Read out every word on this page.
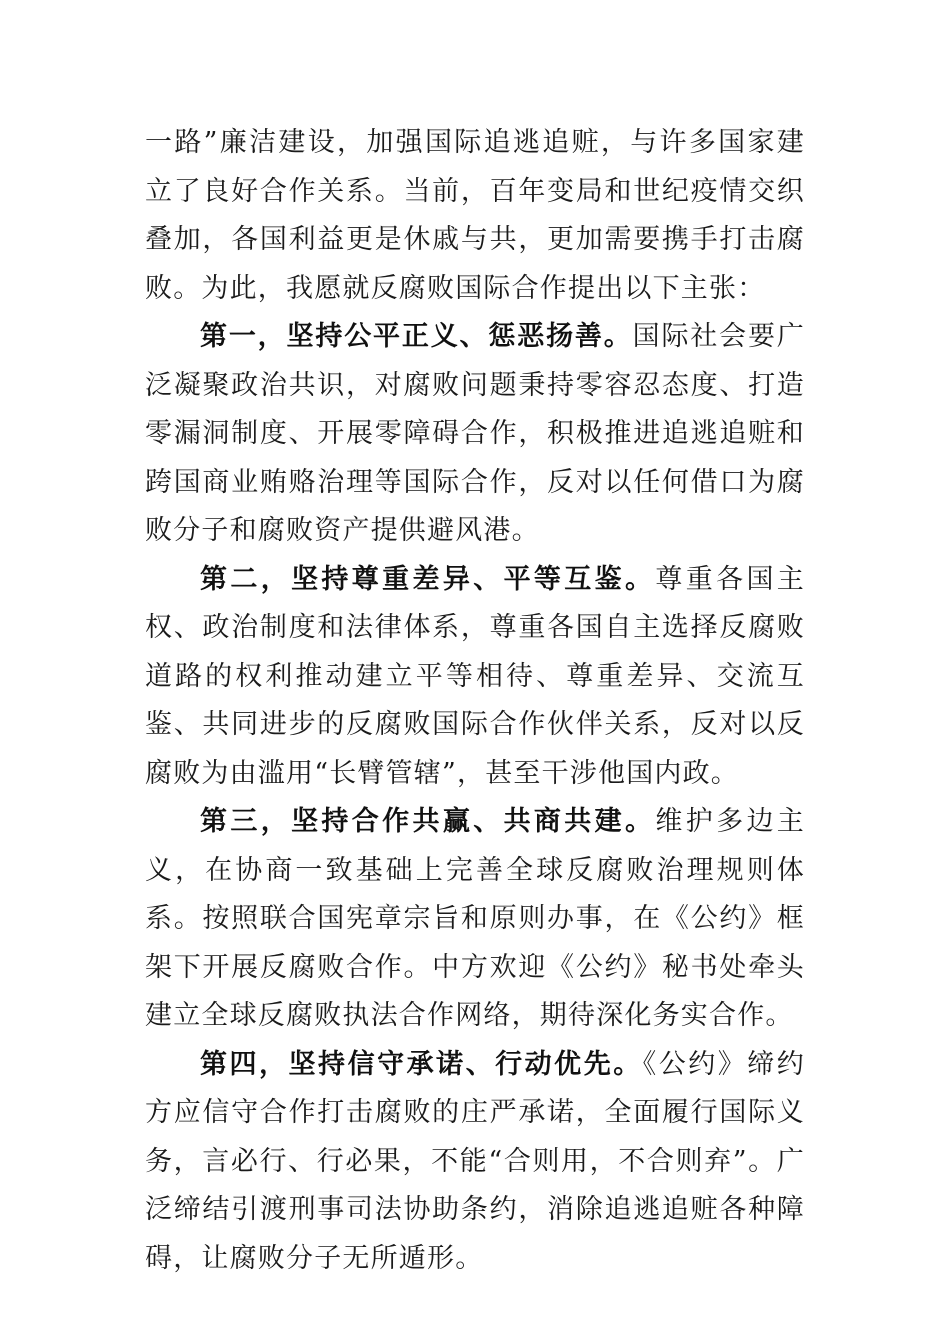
一路”廉洁建设，加强国际追逃追赃，与许多国家建立了良好合作关系。当前，百年变局和世纪疫情交织叠加，各国利益更是休戚与共，更加需要携手打击腐败。为此，我愿就反腐败国际合作提出以下主张：

第一，坚持公平正义、惩恶扬善。国际社会要广泛凝聚政治共识，对腐败问题秉持零容忍态度、打造零漏洞制度、开展零障碍合作，积极推进追逃追赃和跨国商业贿赂治理等国际合作，反对以任何借口为腐败分子和腐败资产提供避风港。

第二，坚持尊重差异、平等互鉴。尊重各国主权、政治制度和法律体系，尊重各国自主选择反腐败道路的权利推动建立平等相待、尊重差异、交流互鉴、共同进步的反腐败国际合作伙伴关系，反对以反腐败为由滥用“长臂管辖”，甚至干涉他国内政。

第三，坚持合作共赢、共商共建。维护多边主义，在协商一致基础上完善全球反腐败治理规则体系。按照联合国宪章宗旨和原则办事，在《公约》框架下开展反腐败合作。中方欢迎《公约》秘书处牵头建立全球反腐败执法合作网络，期待深化务实合作。

第四，坚持信守承诺、行动优先。《公约》缔约方应信守合作打击腐败的庄严承诺，全面履行国际义务，言必行、行必果，不能“合则用，不合则弃”。广泛缔结引渡刑事司法协助条约，消除追逃追赃各种障碍，让腐败分子无所遁形。
